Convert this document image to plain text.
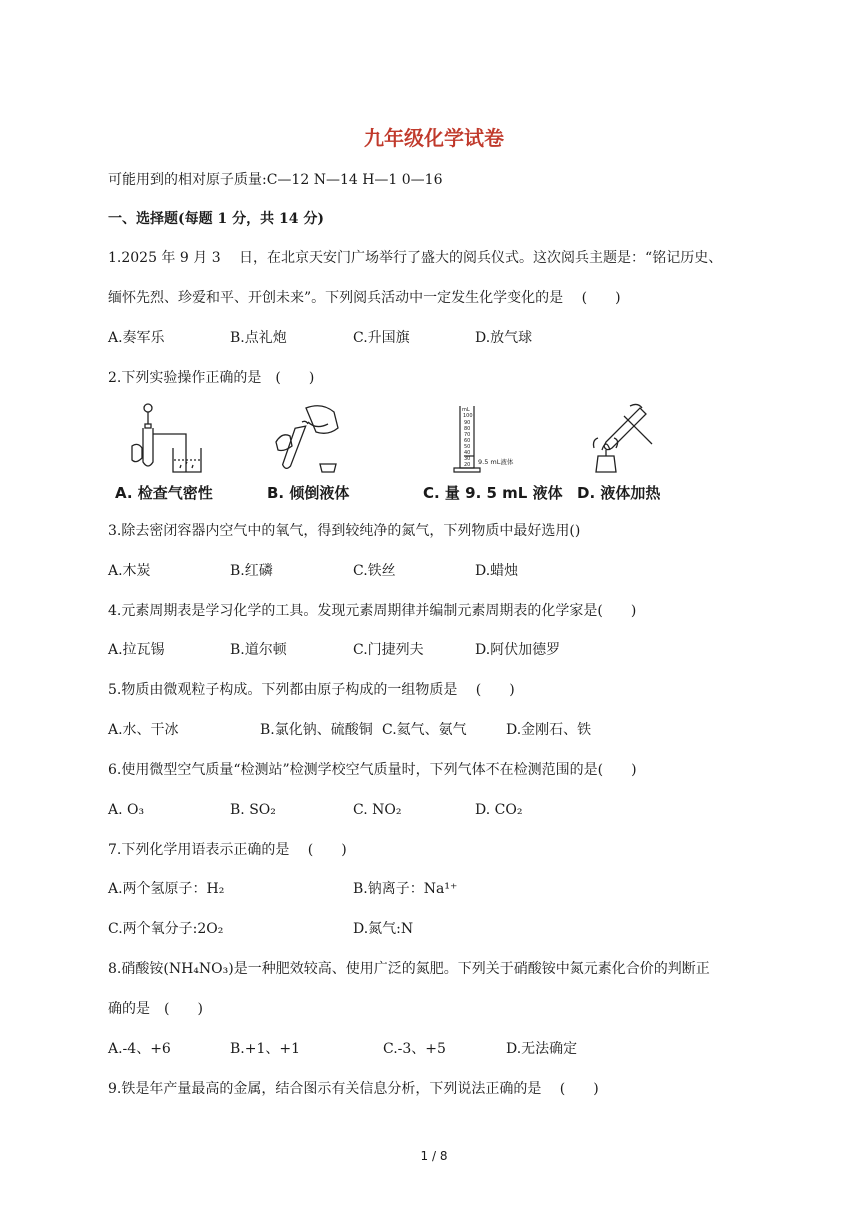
九年级化学试卷
可能用到的相对原子质量:C—12 N—14 H—1 0—16
一、选择题(每题 1 分，共 14 分)
1.2025 年 9 月 3　 日，在北京天安门广场举行了盛大的阅兵仪式。这次阅兵主题是：“铭记历史、
缅怀先烈、珍爱和平、开创未来”。下列阅兵活动中一定发生化学变化的是　 (　　)
A.奏军乐	B.点礼炮	C.升国旗	D.放气球
2.下列实验操作正确的是　(　　)
mL
100
90
80
70
60
50
40
30
20 9.5 mL液体
A. 检查气密性	B. 倾倒液体	C. 量 9. 5 mL 液体 D. 液体加热
3.除去密闭容器内空气中的氧气，得到较纯净的氮气，下列物质中最好选用()
A.木炭	B.红磷	C.铁丝	D.蜡烛
4.元素周期表是学习化学的工具。发现元素周期律并编制元素周期表的化学家是(　　)
A.拉瓦锡	B.道尔顿	C.门捷列夫	D.阿伏加德罗
5.物质由微观粒子构成。下列都由原子构成的一组物质是　 (　　)
A.水、干冰	B.氯化钠、硫酸铜 C.氦气、氨气	D.金刚石、铁
6.使用微型空气质量“检测站”检测学校空气质量时，下列气体不在检测范围的是(　　)
A. O₃	B. SO₂	C. NO₂	D. CO₂
7.下列化学用语表示正确的是　 (　　)
A.两个氢原子：H₂	B.钠离子：Na¹⁺
C.两个氧分子:2O₂	D.氮气:N
8.硝酸铵(NH₄NO₃)是一种肥效较高、使用广泛的氮肥。下列关于硝酸铵中氮元素化合价的判断正
确的是　(　　)
A.-4、+6	B.+1、+1	C.-3、+5	D.无法确定
9.铁是年产量最高的金属，结合图示有关信息分析，下列说法正确的是　 (　　)
1 / 8
